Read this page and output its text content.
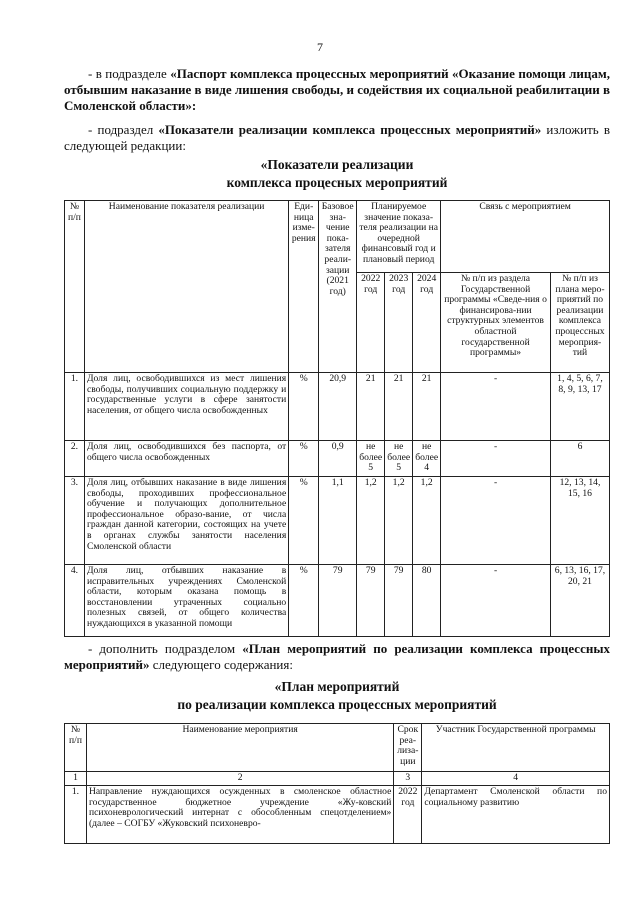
7
- в подразделе «Паспорт комплекса процессных мероприятий «Оказание помощи лицам, отбывшим наказание в виде лишения свободы, и содействия их социальной реабилитации в Смоленской области»:
- подраздел «Показатели реализации комплекса процессных мероприятий» изложить в следующей редакции:
«Показатели реализации
комплекса процесных мероприятий
№ п/п	Наименование показателя реализации	Еди-ница изме-рения	Базовое зна-чение пока-зателя реали-зации (2021 год)	Планируемое значение показа-теля реализации на очередной финансовый год и плановый период			Связь с мероприятием	
				2022 год	2023 год	2024 год	№ п/п из раздела Государственной программы «Сведе-ния о финансирова-нии структурных элементов областной государственной программы»	№ п/п из плана меро-приятий по реализации комплекса процессных мероприя-тий
1.	Доля лиц, освободившихся из мест лишения свободы, получивших социальную поддержку и государственные услуги в сфере занятости населения, от общего числа освобожденных	%	20,9	21	21	21	-	1, 4, 5, 6, 7, 8, 9, 13, 17
2.	Доля лиц, освободившихся без паспорта, от общего числа освобожденных	%	0,9	не более 5	не более 5	не более 4	-	6
3.	Доля лиц, отбывших наказание в виде лишения свободы, проходивших профессиональное обучение и получающих дополнительное профессиональное образо-вание, от числа граждан данной категории, состоящих на учете в органах службы занятости населения Смоленской области	%	1,1	1,2	1,2	1,2	-	12, 13, 14, 15, 16
4.	Доля лиц, отбывших наказание в исправительных учреждениях Смоленской области, которым оказана помощь в восстановлении утраченных социально полезных связей, от общего количества нуждающихся в указанной помощи	%	79	79	79	80	-	6, 13, 16, 17, 20, 21
- дополнить подразделом «План мероприятий по реализации комплекса процессных мероприятий» следующего содержания:
«План мероприятий
по реализации комплекса процессных мероприятий
№ п/п	Наименование мероприятия	Срок реа-лиза-ции	Участник Государственной программы
1	2	3	4
1.	Направление нуждающихся осужденных в смоленское областное государственное бюджетное учреждение «Жу-ковский психоневрологический интернат с обособленным спецотделением» (далее – СОГБУ «Жуковский психоневро-	2022 год	Департамент Смоленской области по социальному развитию
